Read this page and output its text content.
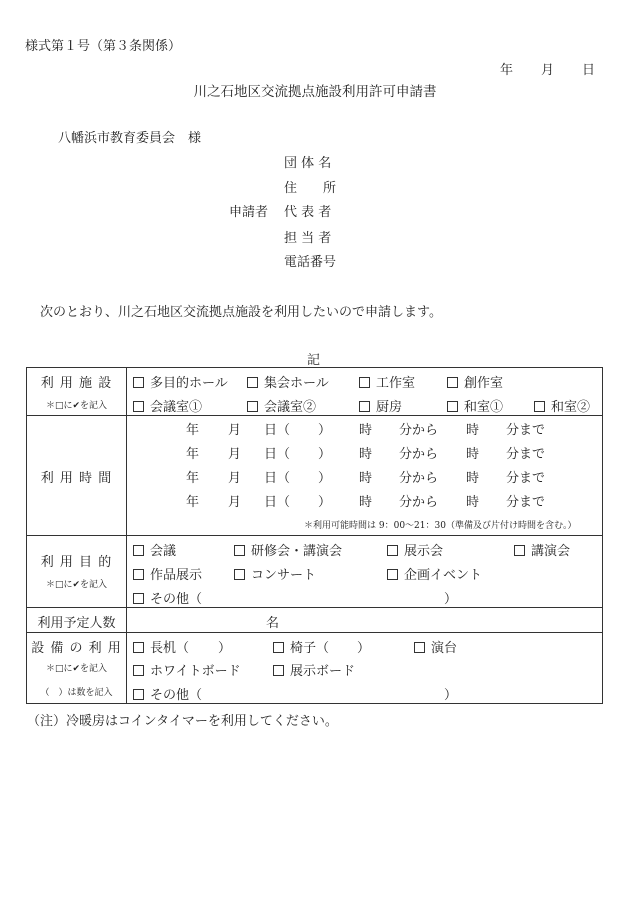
様式第１号（第３条関係）
年 月 日
川之石地区交流拠点施設利用許可申請書
八幡浜市教育委員会　様
団 体 名
住　　所
申請者 代 表 者
担 当 者
電話番号
次のとおり、川之石地区交流拠点施設を利用したいので申請します。
記
利 用 施 設
＊□に✔を記入
多目的ホール	集会ホール	工作室	創作室
会議室①	会議室②	厨房	和室①	和室②
利 用 時 間
年 月 日（ ） 時 分から 時 分まで
年 月 日（ ） 時 分から 時 分まで
年 月 日（ ） 時 分から 時 分まで
年 月 日（ ） 時 分から 時 分まで
＊利用可能時間は 9：00～21：30（準備及び片付け時間を含む。）
利 用 目 的
＊□に✔を記入
会議	研修会・講演会	展示会	講演会
作品展示	コンサート	企画イベント
その他（	）
利用予定人数	名
設 備 の 利 用
＊□に✔を記入
（　）は数を記入
長机（ ）	椅子（ ）	演台
ホワイトボード	展示ボード
その他（	）
（注）冷暖房はコインタイマーを利用してください。
